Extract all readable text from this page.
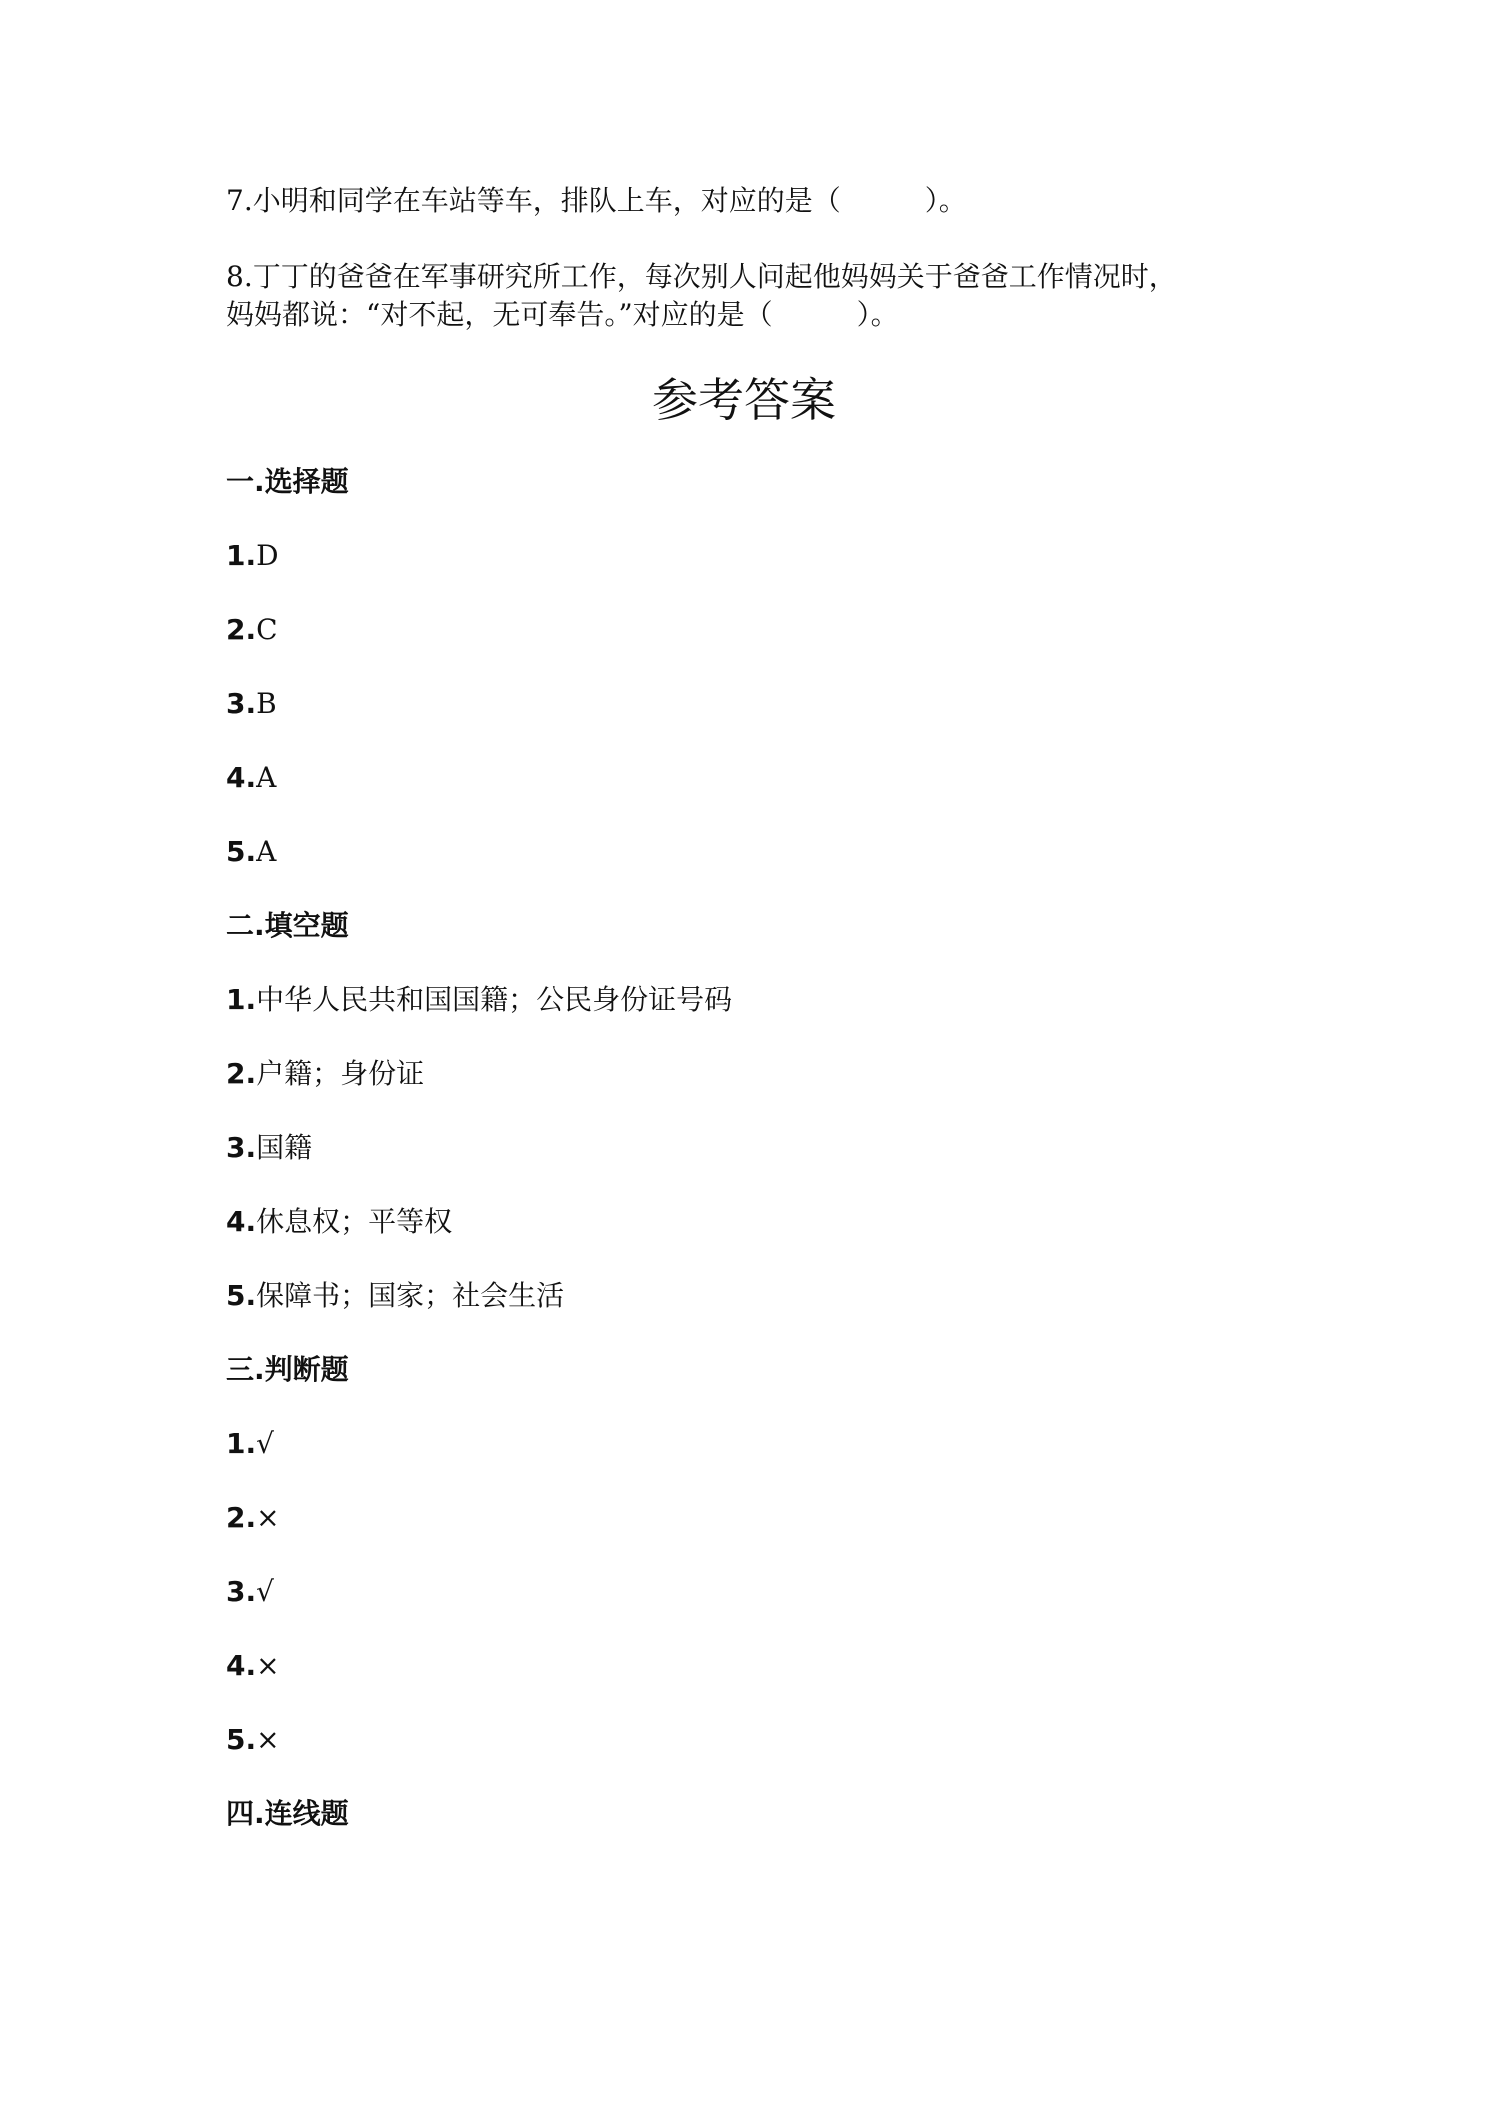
7.小明和同学在车站等车，排队上车，对应的是（　　　）。
8.丁丁的爸爸在军事研究所工作，每次别人问起他妈妈关于爸爸工作情况时，
妈妈都说：“对不起，无可奉告。”对应的是（　　　）。
参考答案
一.选择题
1.D
2.C
3.B
4.A
5.A
二.填空题
1.中华人民共和国国籍；公民身份证号码
2.户籍；身份证
3.国籍
4.休息权；平等权
5.保障书；国家；社会生活
三.判断题
1.√
2.×
3.√
4.×
5.×
四.连线题
